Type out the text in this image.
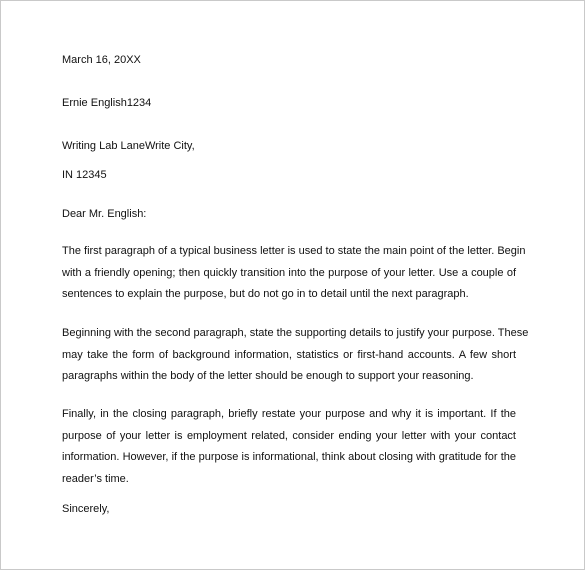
March 16, 20XX

Ernie English1234

Writing Lab LaneWrite City,

IN 12345

Dear Mr. English:

The first paragraph of a typical business letter is used to state the main point of the letter. Begin
with a friendly opening; then quickly transition into the purpose of your letter. Use a couple of
sentences to explain the purpose, but do not go in to detail until the next paragraph.
Beginning with the second paragraph, state the supporting details to justify your purpose. These
may take the form of background information, statistics or first-hand accounts. A few short
paragraphs within the body of the letter should be enough to support your reasoning.
Finally, in the closing paragraph, briefly restate your purpose and why it is important. If the
purpose of your letter is employment related, consider ending your letter with your contact
information. However, if the purpose is informational, think about closing with gratitude for the
reader’s time.

Sincerely,
